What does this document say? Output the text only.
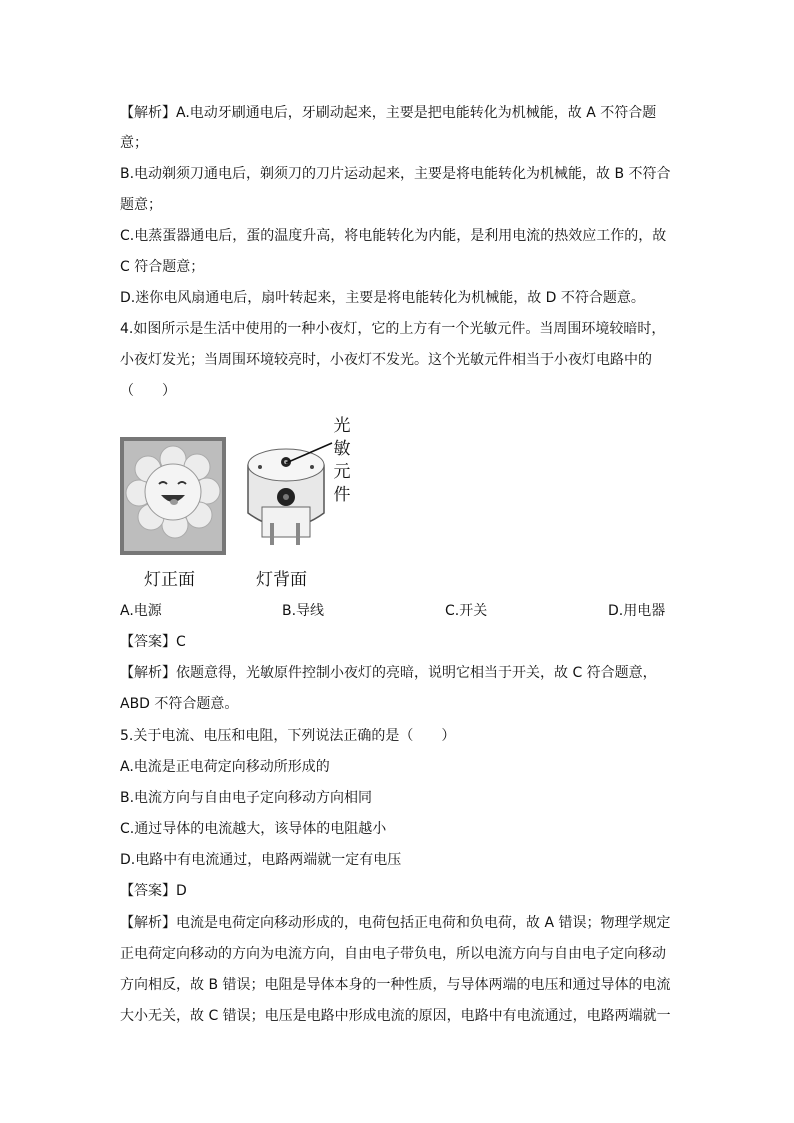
【解析】A.电动牙刷通电后，牙刷动起来，主要是把电能转化为机械能，故 A 不符合题
意；
B.电动剃须刀通电后，剃须刀的刀片运动起来，主要是将电能转化为机械能，故 B 不符合
题意；
C.电蒸蛋器通电后，蛋的温度升高，将电能转化为内能，是利用电流的热效应工作的，故
C 符合题意；
D.迷你电风扇通电后，扇叶转起来，主要是将电能转化为机械能，故 D 不符合题意。
4.如图所示是生活中使用的一种小夜灯，它的上方有一个光敏元件。当周围环境较暗时，
小夜灯发光；当周围环境较亮时，小夜灯不发光。这个光敏元件相当于小夜灯电路中的
（　　）
光
敏
元
件
灯正面	灯背面
A.电源	B.导线	C.开关	D.用电器
【答案】C
【解析】依题意得，光敏原件控制小夜灯的亮暗，说明它相当于开关，故 C 符合题意，
ABD 不符合题意。
5.关于电流、电压和电阻，下列说法正确的是（　　）
A.电流是正电荷定向移动所形成的
B.电流方向与自由电子定向移动方向相同
C.通过导体的电流越大，该导体的电阻越小
D.电路中有电流通过，电路两端就一定有电压
【答案】D
【解析】电流是电荷定向移动形成的，电荷包括正电荷和负电荷，故 A 错误；物理学规定
正电荷定向移动的方向为电流方向，自由电子带负电，所以电流方向与自由电子定向移动
方向相反，故 B 错误；电阻是导体本身的一种性质，与导体两端的电压和通过导体的电流
大小无关，故 C 错误；电压是电路中形成电流的原因，电路中有电流通过，电路两端就一
